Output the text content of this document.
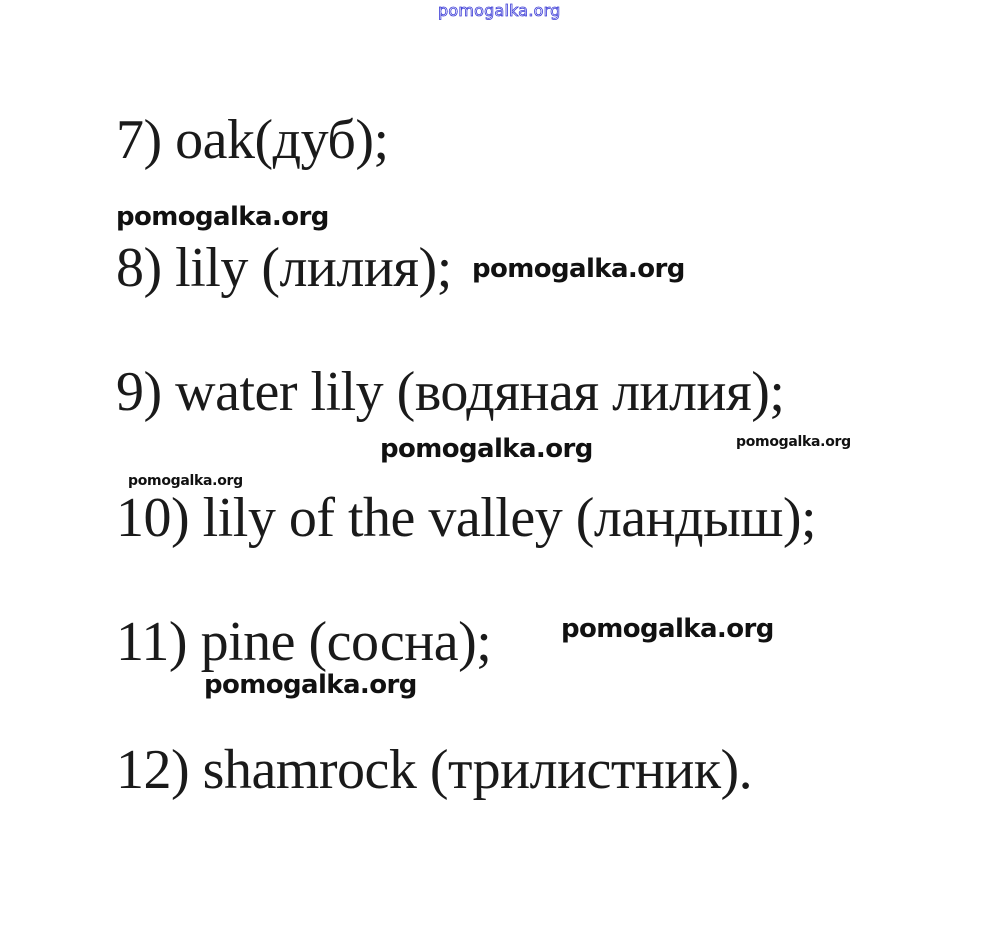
pomogalka.org
7) oak(дуб);
pomogalka.org
8) lily (лилия); pomogalka.org
9) water lily (водяная лилия);
pomogalka.org	pomogalka.org
pomogalka.org
10) lily of the valley (ландыш);
11) pine (сосна);	pomogalka.org
pomogalka.org
12) shamrock (трилистник).
